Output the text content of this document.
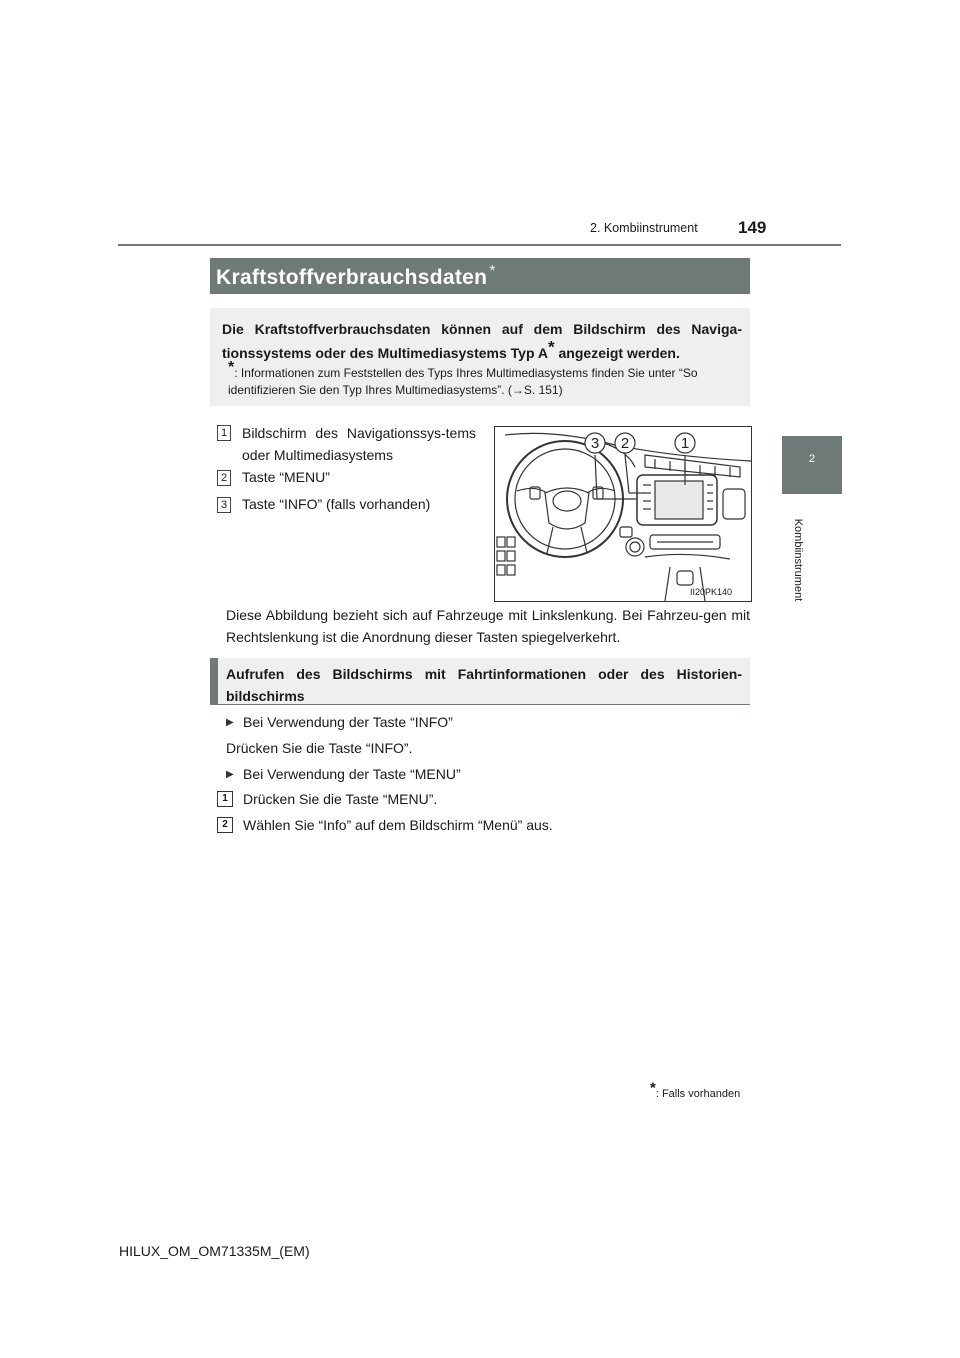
2. Kombiinstrument 149
2
Kombiinstrument
Kraftstoffverbrauchsdaten *
Die Kraftstoffverbrauchsdaten können auf dem Bildschirm des Naviga-tionssystems oder des Multimediasystems Typ A* angezeigt werden.
*: Informationen zum Feststellen des Typs Ihres Multimediasystems finden Sie unter “So identifizieren Sie den Typ Ihres Multimediasystems”. (→S. 151)
1 Bildschirm des Navigationssys-tems oder Multimediasystems
2 Taste “MENU”
3 Taste “INFO” (falls vorhanden)
3 2	1
II20PK140
Diese Abbildung bezieht sich auf Fahrzeuge mit Linkslenkung. Bei Fahrzeu-gen mit Rechtslenkung ist die Anordnung dieser Tasten spiegelverkehrt.
Aufrufen des Bildschirms mit Fahrtinformationen oder des Historien-bildschirms
▶ Bei Verwendung der Taste “INFO”
Drücken Sie die Taste “INFO”.
▶ Bei Verwendung der Taste “MENU”
1	Drücken Sie die Taste “MENU”.
2	Wählen Sie “Info” auf dem Bildschirm “Menü” aus.
*: Falls vorhanden
HILUX_OM_OM71335M_(EM)
